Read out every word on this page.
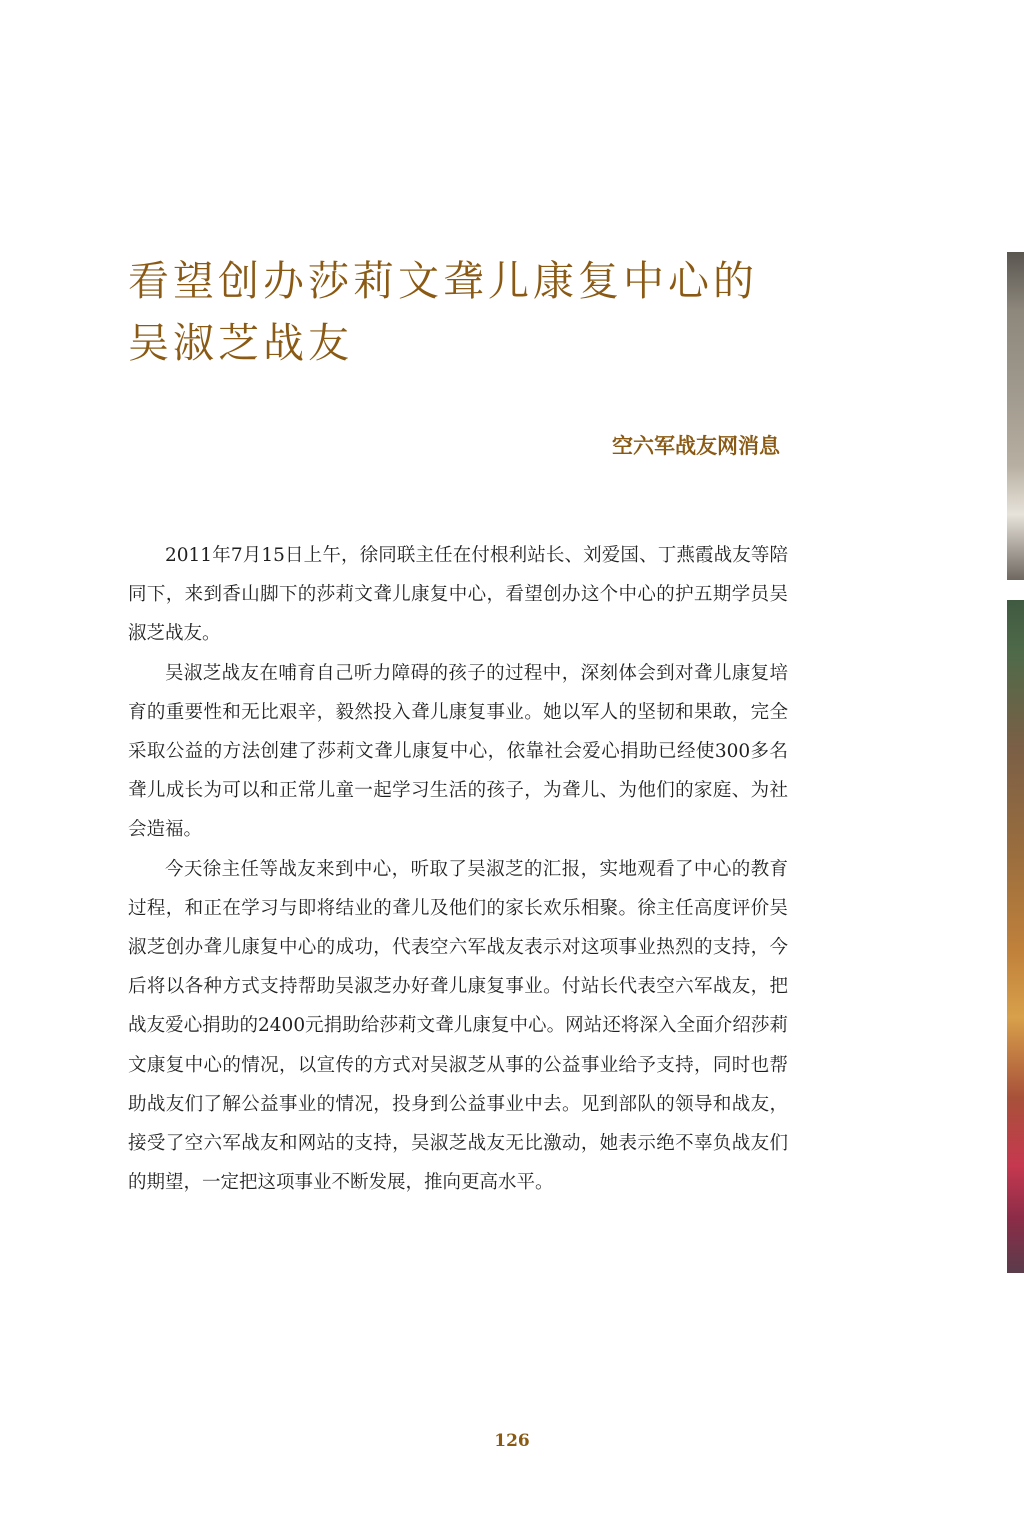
看望创办莎莉文聋儿康复中心的
吴淑芝战友
空六军战友网消息

2011年7月15日上午，徐同联主任在付根利站长、刘爱国、丁燕霞战友等陪同下，来到香山脚下的莎莉文聋儿康复中心，看望创办这个中心的护五期学员吴淑芝战友。

吴淑芝战友在哺育自己听力障碍的孩子的过程中，深刻体会到对聋儿康复培育的重要性和无比艰辛，毅然投入聋儿康复事业。她以军人的坚韧和果敢，完全采取公益的方法创建了莎莉文聋儿康复中心，依靠社会爱心捐助已经使300多名聋儿成长为可以和正常儿童一起学习生活的孩子，为聋儿、为他们的家庭、为社会造福。

今天徐主任等战友来到中心，听取了吴淑芝的汇报，实地观看了中心的教育过程，和正在学习与即将结业的聋儿及他们的家长欢乐相聚。徐主任高度评价吴淑芝创办聋儿康复中心的成功，代表空六军战友表示对这项事业热烈的支持，今后将以各种方式支持帮助吴淑芝办好聋儿康复事业。付站长代表空六军战友，把战友爱心捐助的2400元捐助给莎莉文聋儿康复中心。网站还将深入全面介绍莎莉文康复中心的情况，以宣传的方式对吴淑芝从事的公益事业给予支持，同时也帮助战友们了解公益事业的情况，投身到公益事业中去。见到部队的领导和战友，接受了空六军战友和网站的支持，吴淑芝战友无比激动，她表示绝不辜负战友们的期望，一定把这项事业不断发展，推向更高水平。

126
